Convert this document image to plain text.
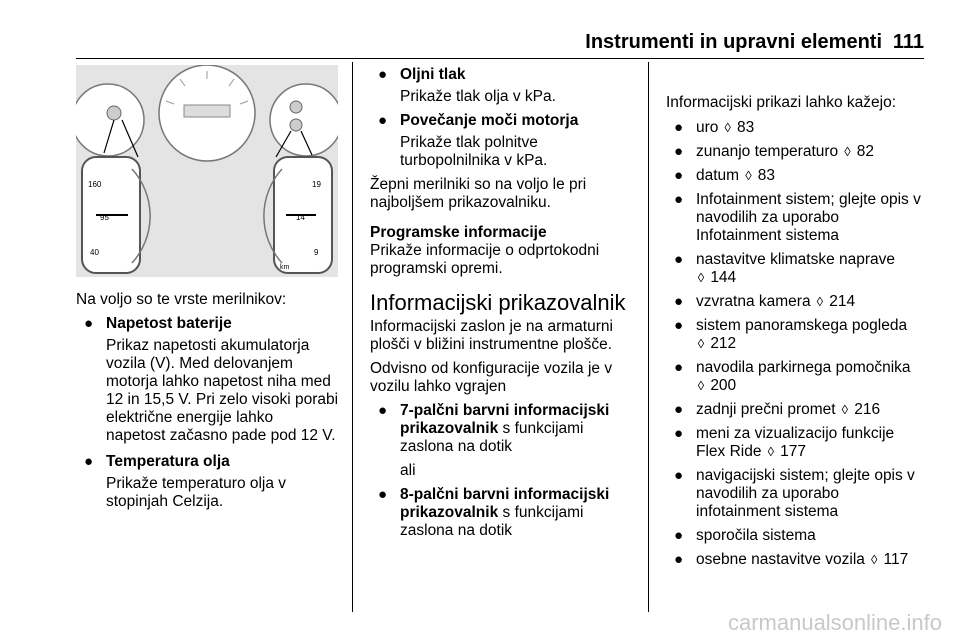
Instrumenti in upravni elementi 111
160
95
40
19
14
9
km

Na voljo so te vrste merilnikov:

● Napetost baterije
Prikaz napetosti akumulatorja
vozila (V). Med delovanjem
motorja lahko napetost niha med
12 in 15,5 V. Pri zelo visoki porabi
električne energije lahko
napetost začasno pade pod 12 V.
● Temperatura olja
Prikaže temperaturo olja v
stopinjah Celzija.
● Oljni tlak
Prikaže tlak olja v kPa.
● Povečanje moči motorja
Prikaže tlak polnitve
turbopolnilnika v kPa.
Žepni merilniki so na voljo le pri
najboljšem prikazovalniku.

Programske informacije

Prikaže informacije o odprtokodni
programski opremi.

Informacijski prikazovalnik

Informacijski zaslon je na armaturni
plošči v bližini instrumentne plošče.
Odvisno od konfiguracije vozila je v
vozilu lahko vgrajen
● 7-palčni barvni informacijski
prikazovalnik s funkcijami
zaslona na dotik
ali
● 8-palčni barvni informacijski
prikazovalnik s funkcijami
zaslona na dotik

Informacijski prikazi lahko kažejo:

● uro ◊ 83
● zunanjo temperaturo ◊ 82
● datum ◊ 83
● Infotainment sistem; glejte opis v
navodilih za uporabo
Infotainment sistema
● nastavitve klimatske naprave
◊ 144
● vzvratna kamera ◊ 214
● sistem panoramskega pogleda
◊ 212
● navodila parkirnega pomočnika
◊ 200
● zadnji prečni promet ◊ 216
● meni za vizualizacijo funkcije
Flex Ride ◊ 177
● navigacijski sistem; glejte opis v
navodilih za uporabo
infotainment sistema
● sporočila sistema
● osebne nastavitve vozila ◊ 117
carmanualsonline.info
